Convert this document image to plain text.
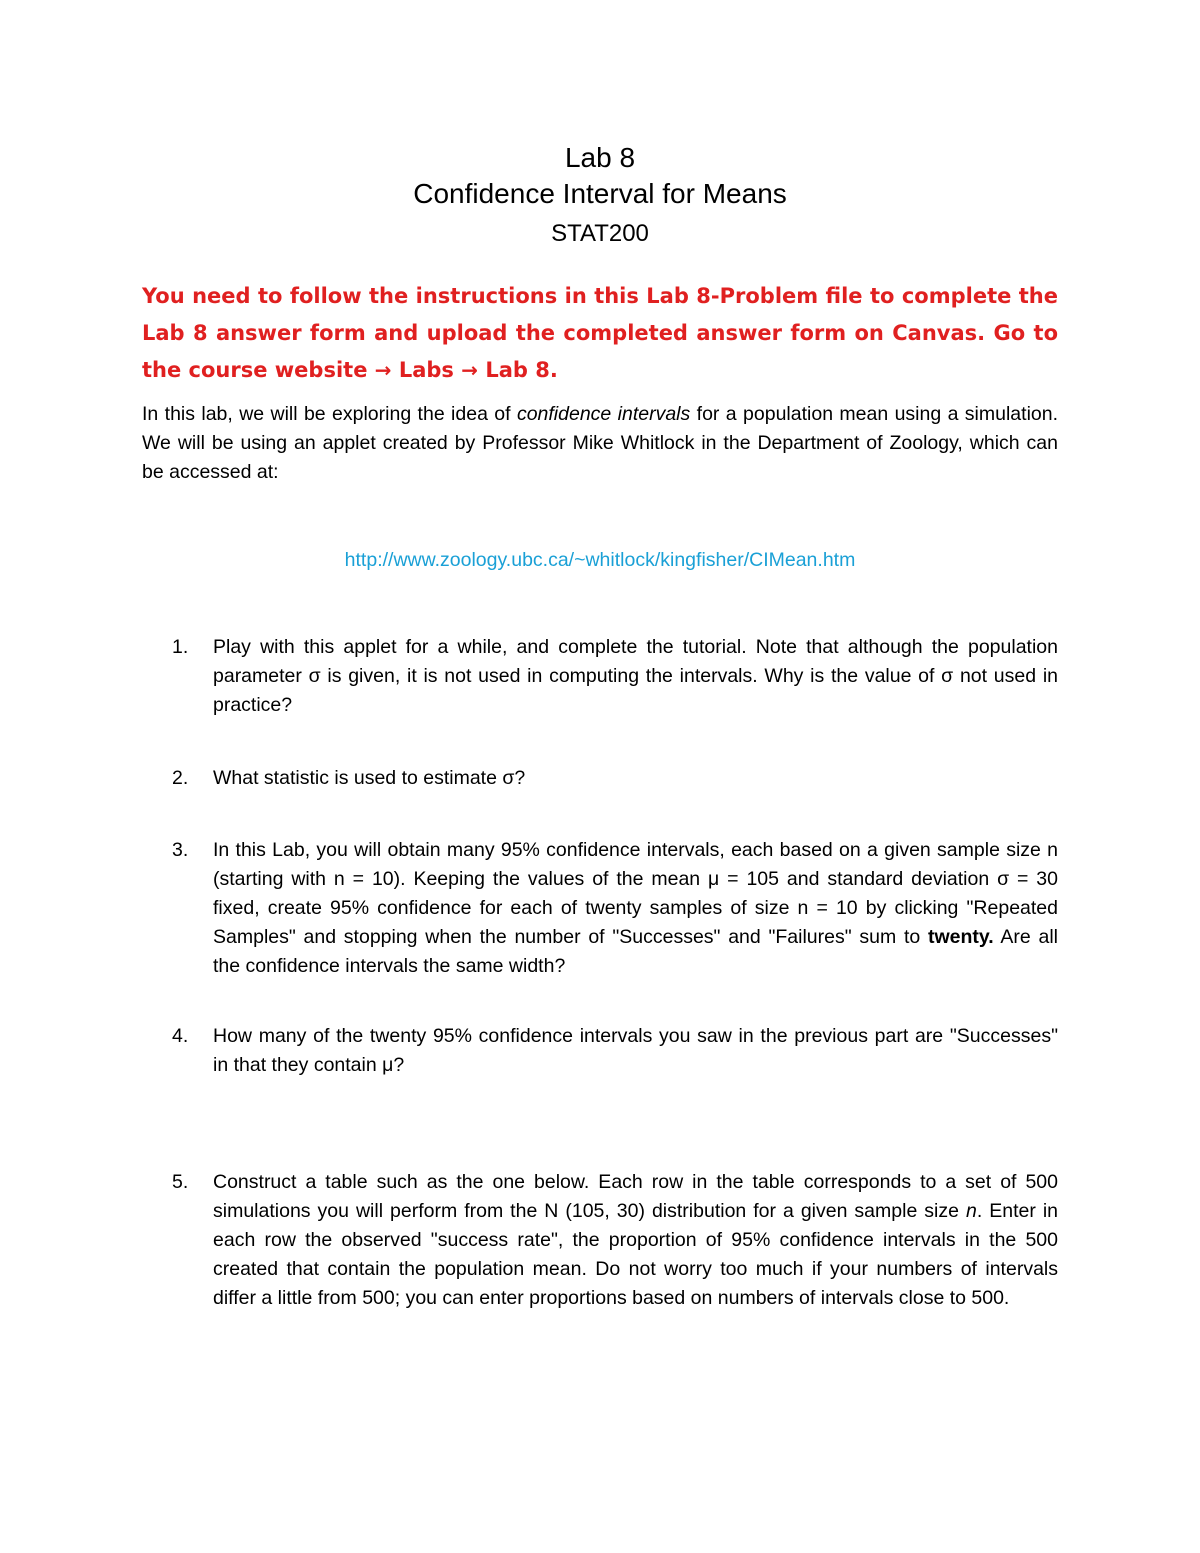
Lab 8
Confidence Interval for Means
STAT200

You need to follow the instructions in this Lab 8-Problem file to complete the Lab 8 answer form and upload the completed answer form on Canvas. Go to the course website → Labs → Lab 8.

In this lab, we will be exploring the idea of confidence intervals for a population mean using a simulation. We will be using an applet created by Professor Mike Whitlock in the Department of Zoology, which can be accessed at:

http://www.zoology.ubc.ca/~whitlock/kingfisher/CIMean.htm

1. Play with this applet for a while, and complete the tutorial. Note that although the population parameter σ is given, it is not used in computing the intervals. Why is the value of σ not used in practice?
2. What statistic is used to estimate σ?
3. In this Lab, you will obtain many 95% confidence intervals, each based on a given sample size n (starting with n = 10). Keeping the values of the mean μ = 105 and standard deviation σ = 30 fixed, create 95% confidence for each of twenty samples of size n = 10 by clicking "Repeated Samples" and stopping when the number of "Successes" and "Failures" sum to twenty. Are all the confidence intervals the same width?
4. How many of the twenty 95% confidence intervals you saw in the previous part are "Successes" in that they contain μ?
5. Construct a table such as the one below. Each row in the table corresponds to a set of 500 simulations you will perform from the N (105, 30) distribution for a given sample size n. Enter in each row the observed "success rate", the proportion of 95% confidence intervals in the 500 created that contain the population mean. Do not worry too much if your numbers of intervals differ a little from 500; you can enter proportions based on numbers of intervals close to 500.
